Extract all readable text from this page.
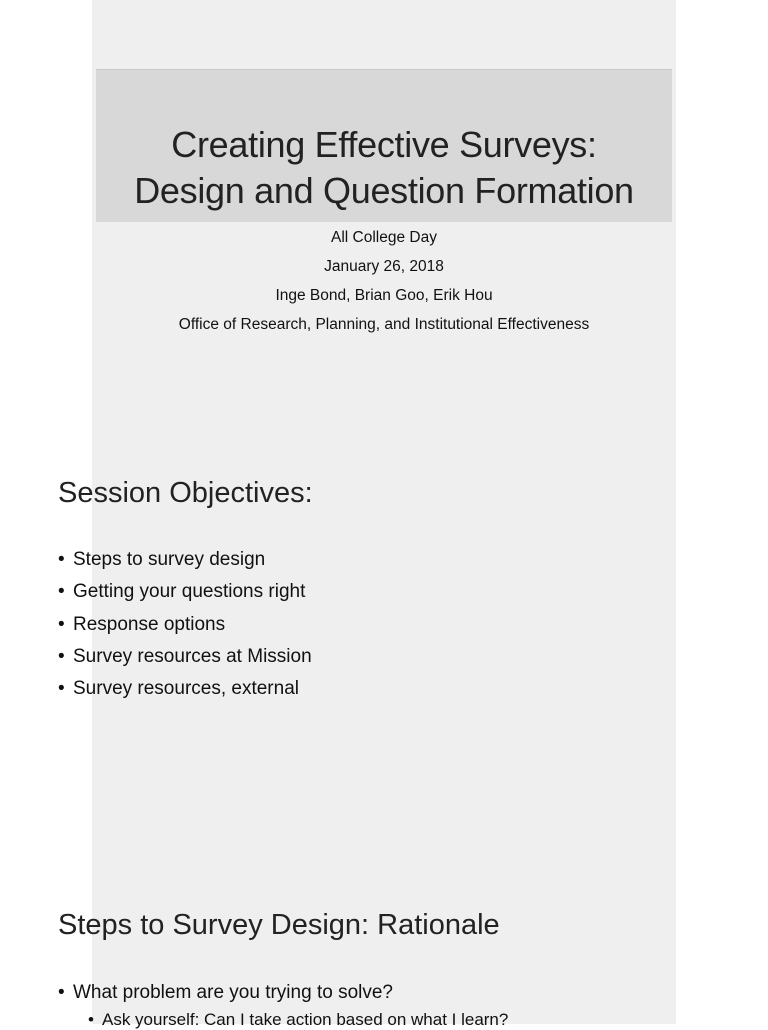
Creating Effective Surveys:
Design and Question Formation
All College Day
January 26, 2018
Inge Bond, Brian Goo, Erik Hou
Office of Research, Planning, and Institutional Effectiveness
Session Objectives:
• Steps to survey design
• Getting your questions right
• Response options
• Survey resources at Mission
• Survey resources, external
Steps to Survey Design: Rationale
• What problem are you trying to solve?
• Ask yourself: Can I take action based on what I learn?
